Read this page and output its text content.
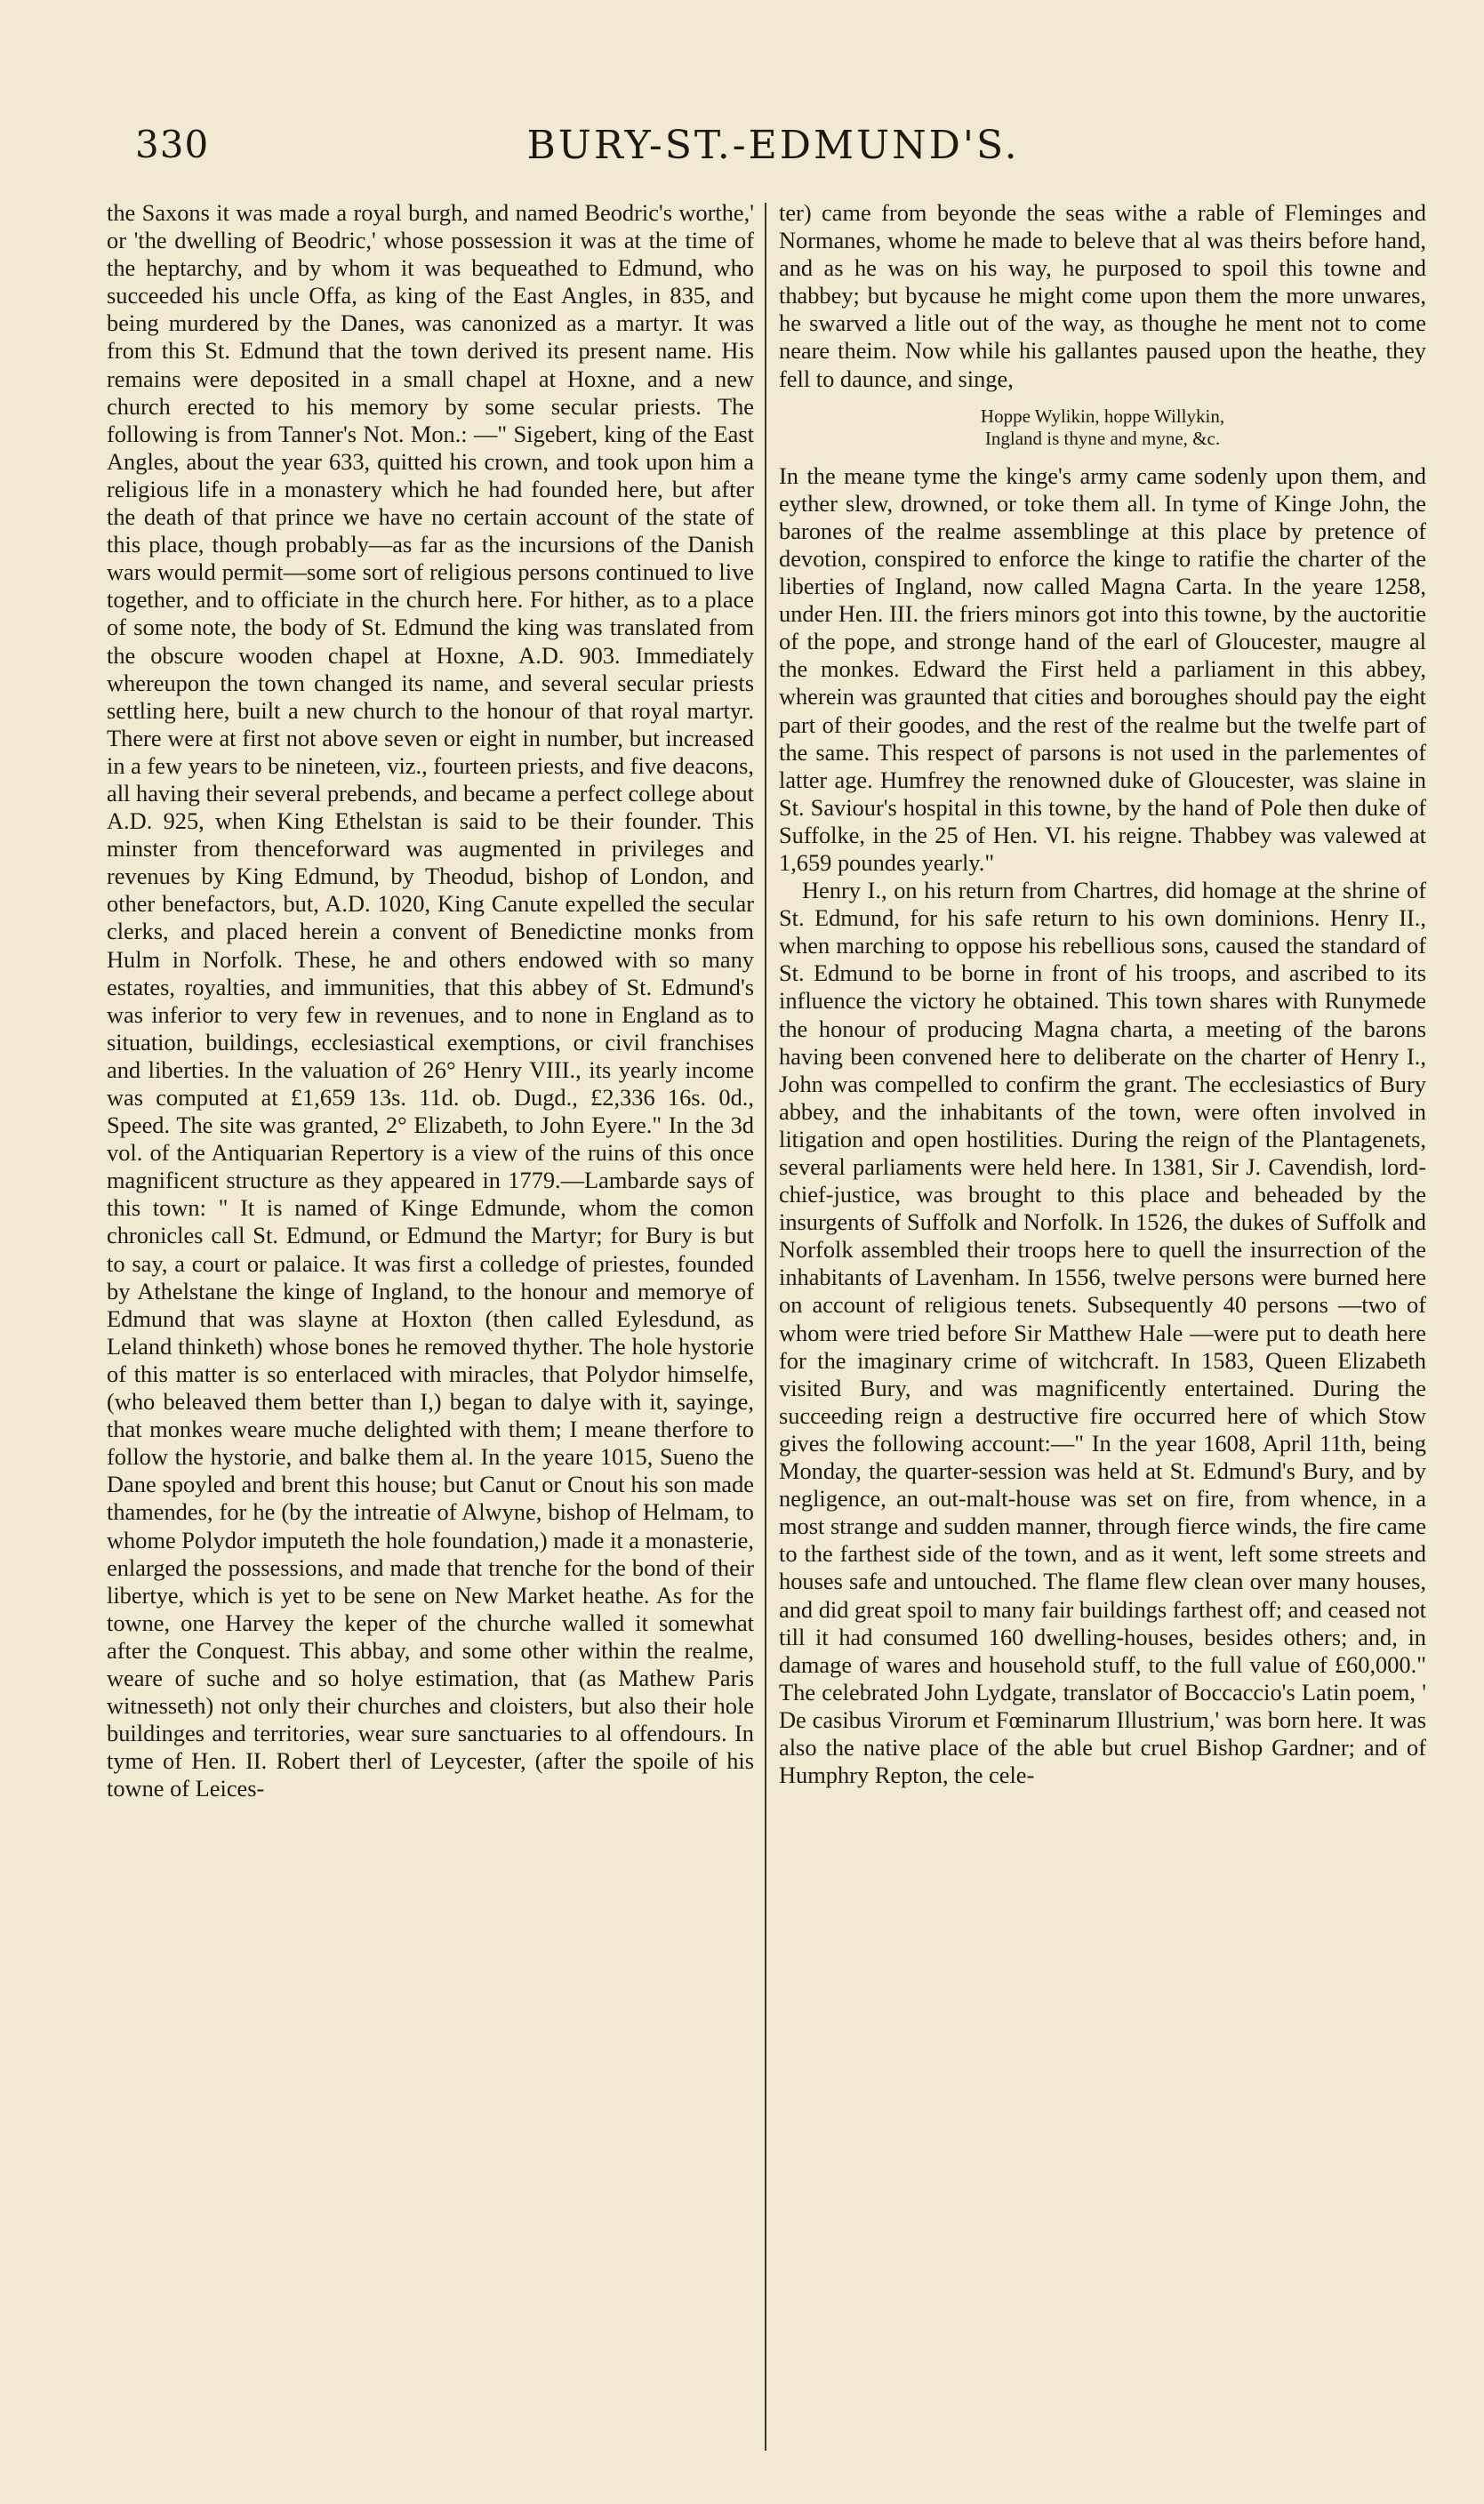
330	BURY-ST.-EDMUND'S.

the Saxons it was made a royal burgh, and named Beodric's worthe,' or 'the dwelling of Beodric,' whose possession it was at the time of the heptarchy, and by whom it was bequeathed to Edmund, who succeeded his uncle Offa, as king of the East Angles, in 835, and being murdered by the Danes, was canonized as a martyr. It was from this St. Edmund that the town derived its present name. His remains were deposited in a small chapel at Hoxne, and a new church erected to his memory by some secular priests. The following is from Tanner's Not. Mon.: —" Sigebert, king of the East Angles, about the year 633, quitted his crown, and took upon him a religious life in a monastery which he had founded here, but after the death of that prince we have no certain account of the state of this place, though probably—as far as the incursions of the Danish wars would permit—some sort of religious persons continued to live together, and to officiate in the church here. For hither, as to a place of some note, the body of St. Edmund the king was translated from the obscure wooden chapel at Hoxne, A.D. 903. Immediately whereupon the town changed its name, and several secular priests settling here, built a new church to the honour of that royal martyr. There were at first not above seven or eight in number, but increased in a few years to be nineteen, viz., fourteen priests, and five deacons, all having their several prebends, and became a perfect college about A.D. 925, when King Ethelstan is said to be their founder. This minster from thenceforward was augmented in privileges and revenues by King Edmund, by Theodud, bishop of London, and other benefactors, but, A.D. 1020, King Canute expelled the secular clerks, and placed herein a convent of Benedictine monks from Hulm in Norfolk. These, he and others endowed with so many estates, royalties, and immunities, that this abbey of St. Edmund's was inferior to very few in revenues, and to none in England as to situation, buildings, ecclesiastical exemptions, or civil franchises and liberties. In the valuation of 26° Henry VIII., its yearly income was computed at £1,659 13s. 11d. ob. Dugd., £2,336 16s. 0d., Speed. The site was granted, 2° Elizabeth, to John Eyere." In the 3d vol. of the Antiquarian Repertory is a view of the ruins of this once magnificent structure as they appeared in 1779.—Lambarde says of this town: " It is named of Kinge Edmunde, whom the comon chronicles call St. Edmund, or Edmund the Martyr; for Bury is but to say, a court or palaice. It was first a colledge of priestes, founded by Athelstane the kinge of Ingland, to the honour and memorye of Edmund that was slayne at Hoxton (then called Eylesdund, as Leland thinketh) whose bones he removed thyther. The hole hystorie of this matter is so enterlaced with miracles, that Polydor himselfe, (who beleaved them better than I,) began to dalye with it, sayinge, that monkes weare muche delighted with them; I meane therfore to follow the hystorie, and balke them al. In the yeare 1015, Sueno the Dane spoyled and brent this house; but Canut or Cnout his son made thamendes, for he (by the intreatie of Alwyne, bishop of Helmam, to whome Polydor imputeth the hole foundation,) made it a monasterie, enlarged the possessions, and made that trenche for the bond of their libertye, which is yet to be sene on New Market heathe. As for the towne, one Harvey the keper of the churche walled it somewhat after the Conquest. This abbay, and some other within the realme, weare of suche and so holye estimation, that (as Mathew Paris witnesseth) not only their churches and cloisters, but also their hole buildinges and territories, wear sure sanctuaries to al offendours. In tyme of Hen. II. Robert therl of Leycester, (after the spoile of his towne of Leices-

ter) came from beyonde the seas withe a rable of Fleminges and Normanes, whome he made to beleve that al was theirs before hand, and as he was on his way, he purposed to spoil this towne and thabbey; but bycause he might come upon them the more unwares, he swarved a litle out of the way, as thoughe he ment not to come neare theim. Now while his gallantes paused upon the heathe, they fell to daunce, and singe,

Hoppe Wylikin, hoppe Willykin,
Ingland is thyne and myne, &c.

In the meane tyme the kinge's army came sodenly upon them, and eyther slew, drowned, or toke them all. In tyme of Kinge John, the barones of the realme assemblinge at this place by pretence of devotion, conspired to enforce the kinge to ratifie the charter of the liberties of Ingland, now called Magna Carta. In the yeare 1258, under Hen. III. the friers minors got into this towne, by the auctoritie of the pope, and stronge hand of the earl of Gloucester, maugre al the monkes. Edward the First held a parliament in this abbey, wherein was graunted that cities and boroughes should pay the eight part of their goodes, and the rest of the realme but the twelfe part of the same. This respect of parsons is not used in the parlementes of latter age. Humfrey the renowned duke of Gloucester, was slaine in St. Saviour's hospital in this towne, by the hand of Pole then duke of Suffolke, in the 25 of Hen. VI. his reigne. Thabbey was valewed at 1,659 poundes yearly."

Henry I., on his return from Chartres, did homage at the shrine of St. Edmund, for his safe return to his own dominions. Henry II., when marching to oppose his rebellious sons, caused the standard of St. Edmund to be borne in front of his troops, and ascribed to its influence the victory he obtained. This town shares with Runymede the honour of producing Magna charta, a meeting of the barons having been convened here to deliberate on the charter of Henry I., John was compelled to confirm the grant. The ecclesiastics of Bury abbey, and the inhabitants of the town, were often involved in litigation and open hostilities. During the reign of the Plantagenets, several parliaments were held here. In 1381, Sir J. Cavendish, lord-chief-justice, was brought to this place and beheaded by the insurgents of Suffolk and Norfolk. In 1526, the dukes of Suffolk and Norfolk assembled their troops here to quell the insurrection of the inhabitants of Lavenham. In 1556, twelve persons were burned here on account of religious tenets. Subsequently 40 persons —two of whom were tried before Sir Matthew Hale —were put to death here for the imaginary crime of witchcraft. In 1583, Queen Elizabeth visited Bury, and was magnificently entertained. During the succeeding reign a destructive fire occurred here of which Stow gives the following account:—" In the year 1608, April 11th, being Monday, the quarter-session was held at St. Edmund's Bury, and by negligence, an out-malt-house was set on fire, from whence, in a most strange and sudden manner, through fierce winds, the fire came to the farthest side of the town, and as it went, left some streets and houses safe and untouched. The flame flew clean over many houses, and did great spoil to many fair buildings farthest off; and ceased not till it had consumed 160 dwelling-houses, besides others; and, in damage of wares and household stuff, to the full value of £60,000." The celebrated John Lydgate, translator of Boccaccio's Latin poem, ' De casibus Virorum et Fœminarum Illustrium,' was born here. It was also the native place of the able but cruel Bishop Gardner; and of Humphry Repton, the cele-
